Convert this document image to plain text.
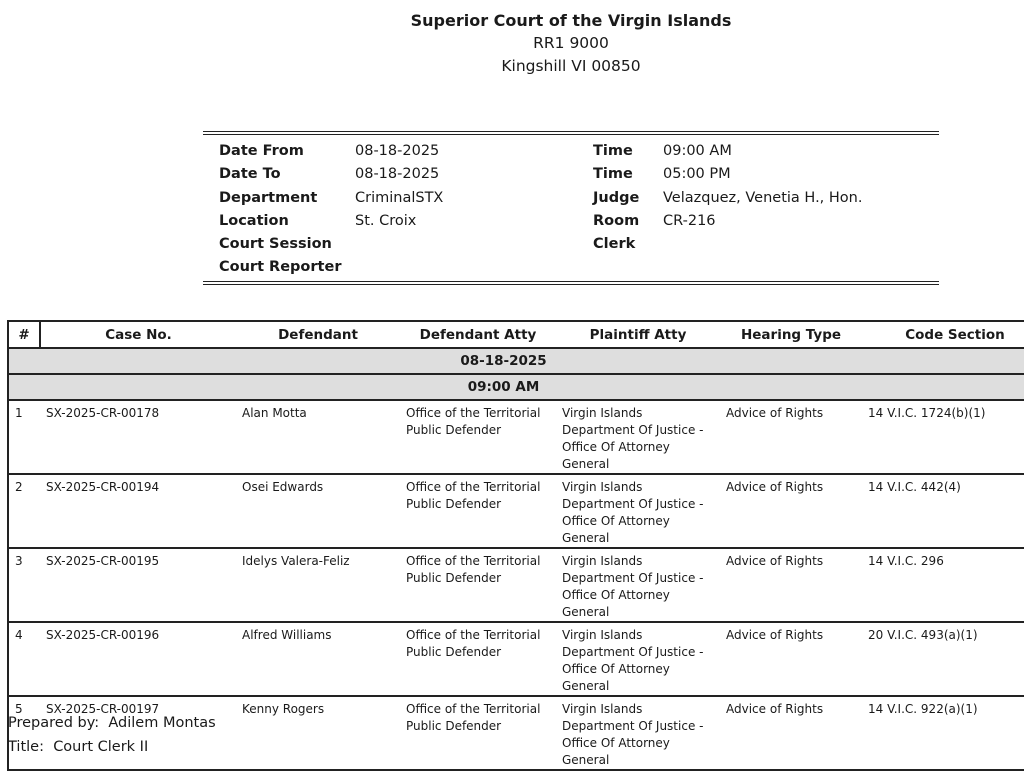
Superior Court of the Virgin Islands
RR1 9000
Kingshill VI 00850
Date From	08-18-2025	Time 09:00 AM
Date To	08-18-2025	Time 05:00 PM
Department	CriminalSTX	Judge Velazquez, Venetia H., Hon.
Location	St. Croix	Room CR-216
Court Session	Clerk
Court Reporter
#	Case No.	Defendant	Defendant Atty	Plaintiff Atty	Hearing Type	Code Section
08-18-2025						
09:00 AM						
1	SX-2025-CR-00178	Alan Motta	Office of the Territorial Public Defender	Virgin Islands Department Of Justice - Office Of Attorney General	Advice of Rights	14 V.I.C. 1724(b)(1)
2	SX-2025-CR-00194	Osei Edwards	Office of the Territorial Public Defender	Virgin Islands Department Of Justice - Office Of Attorney General	Advice of Rights	14 V.I.C. 442(4)
3	SX-2025-CR-00195	Idelys Valera-Feliz	Office of the Territorial Public Defender	Virgin Islands Department Of Justice - Office Of Attorney General	Advice of Rights	14 V.I.C. 296
4	SX-2025-CR-00196	Alfred Williams	Office of the Territorial Public Defender	Virgin Islands Department Of Justice - Office Of Attorney General	Advice of Rights	20 V.I.C. 493(a)(1)
5	SX-2025-CR-00197	Kenny Rogers	Office of the Territorial Public Defender	Virgin Islands Department Of Justice - Office Of Attorney General	Advice of Rights	14 V.I.C. 922(a)(1)
Prepared by: Adilem Montas
Title: Court Clerk II
